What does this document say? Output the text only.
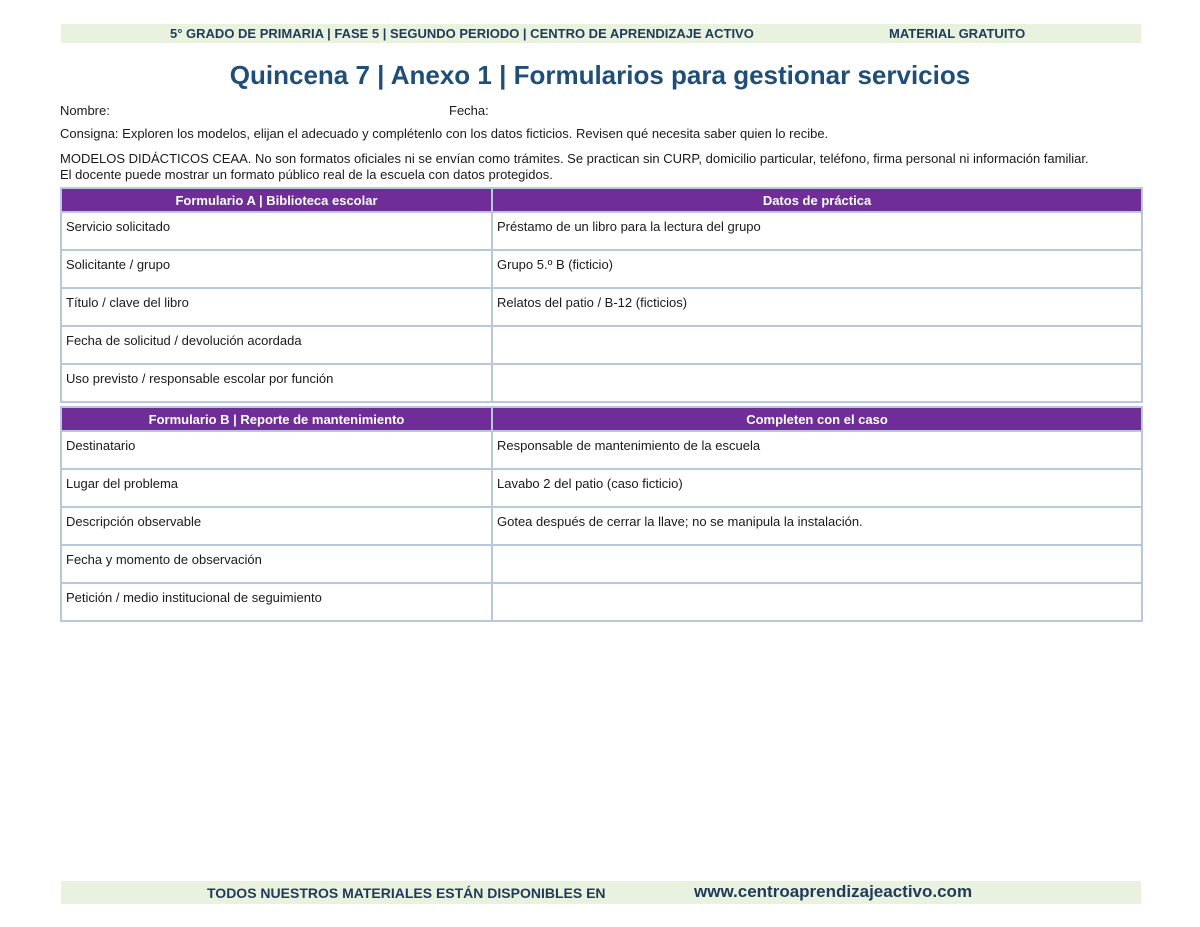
5° GRADO DE PRIMARIA | FASE 5 | SEGUNDO PERIODO | CENTRO DE APRENDIZAJE ACTIVO	MATERIAL GRATUITO
Quincena 7 | Anexo 1 | Formularios para gestionar servicios
Nombre:	Fecha:
Consigna: Exploren los modelos, elijan el adecuado y complétenlo con los datos ficticios. Revisen qué necesita saber quien lo recibe.
MODELOS DIDÁCTICOS CEAA. No son formatos oficiales ni se envían como trámites. Se practican sin CURP, domicilio particular, teléfono, firma personal ni información familiar.
El docente puede mostrar un formato público real de la escuela con datos protegidos.
Formulario A | Biblioteca escolar	Datos de práctica
Servicio solicitado	Préstamo de un libro para la lectura del grupo
Solicitante / grupo	Grupo 5.º B (ficticio)
Título / clave del libro	Relatos del patio / B-12 (ficticios)
Fecha de solicitud / devolución acordada	
Uso previsto / responsable escolar por función	
Formulario B | Reporte de mantenimiento	Completen con el caso
Destinatario	Responsable de mantenimiento de la escuela
Lugar del problema	Lavabo 2 del patio (caso ficticio)
Descripción observable	Gotea después de cerrar la llave; no se manipula la instalación.
Fecha y momento de observación	
Petición / medio institucional de seguimiento	
TODOS NUESTROS MATERIALES ESTÁN DISPONIBLES EN	www.centroaprendizajeactivo.com
